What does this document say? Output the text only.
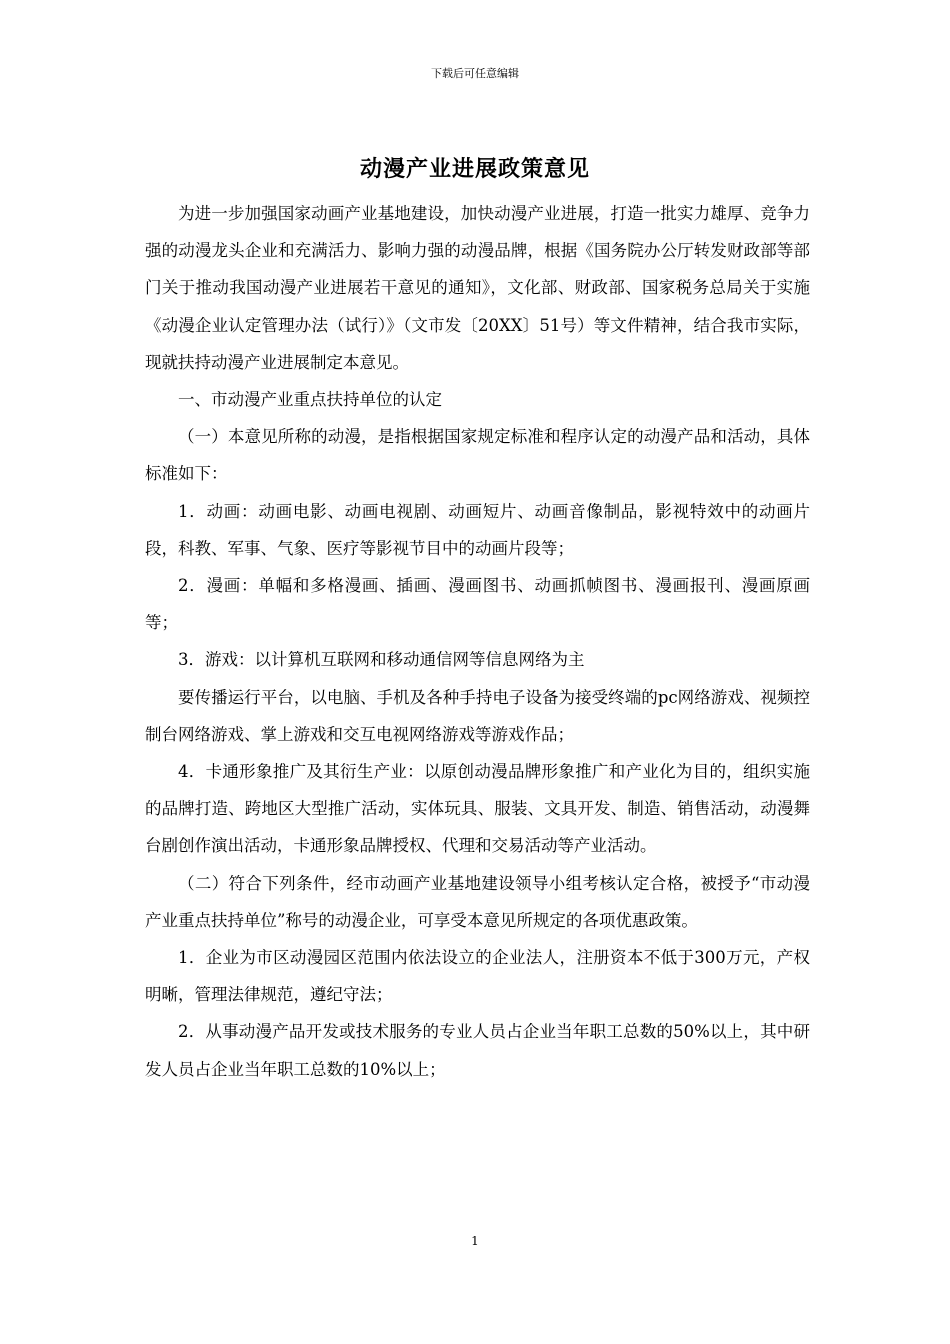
下载后可任意编辑
动漫产业进展政策意见

为进一步加强国家动画产业基地建设，加快动漫产业进展，打造一批实力雄厚、竞争力强的动漫龙头企业和充满活力、影响力强的动漫品牌，根据《国务院办公厅转发财政部等部门关于推动我国动漫产业进展若干意见的通知》，文化部、财政部、国家税务总局关于实施《动漫企业认定管理办法（试行）》（文市发〔20XX〕51号）等文件精神，结合我市实际，现就扶持动漫产业进展制定本意见。

一、市动漫产业重点扶持单位的认定

（一）本意见所称的动漫，是指根据国家规定标准和程序认定的动漫产品和活动，具体标准如下：

1．动画：动画电影、动画电视剧、动画短片、动画音像制品，影视特效中的动画片段，科教、军事、气象、医疗等影视节目中的动画片段等；

2．漫画：单幅和多格漫画、插画、漫画图书、动画抓帧图书、漫画报刊、漫画原画等；

3．游戏：以计算机互联网和移动通信网等信息网络为主

要传播运行平台，以电脑、手机及各种手持电子设备为接受终端的pc网络游戏、视频控制台网络游戏、掌上游戏和交互电视网络游戏等游戏作品；

4．卡通形象推广及其衍生产业：以原创动漫品牌形象推广和产业化为目的，组织实施的品牌打造、跨地区大型推广活动，实体玩具、服装、文具开发、制造、销售活动，动漫舞台剧创作演出活动，卡通形象品牌授权、代理和交易活动等产业活动。

（二）符合下列条件，经市动画产业基地建设领导小组考核认定合格，被授予“市动漫产业重点扶持单位”称号的动漫企业，可享受本意见所规定的各项优惠政策。

1．企业为市区动漫园区范围内依法设立的企业法人，注册资本不低于300万元，产权明晰，管理法律规范，遵纪守法；

2．从事动漫产品开发或技术服务的专业人员占企业当年职工总数的50%以上，其中研发人员占企业当年职工总数的10%以上；

1
